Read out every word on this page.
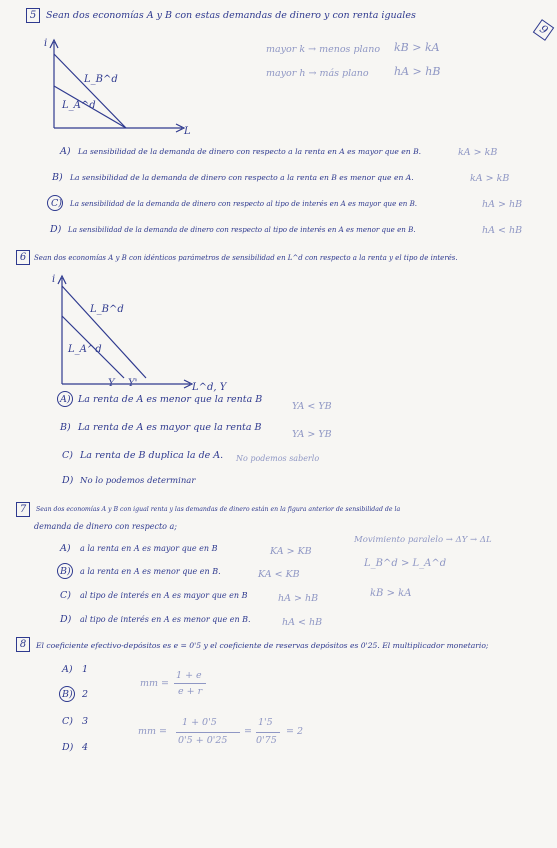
9
5	Sean dos economías A y B con estas demandas de dinero y con renta iguales
i
L
L_B^d
L_A^d
mayor k → menos plano kB > kA
mayor h → más plano hA > hB
A) La sensibilidad de la demanda de dinero con respecto a la renta en A es mayor que en B.	kA > kB
B) La sensibilidad de la demanda de dinero con respecto a la renta en B es menor que en A.	kA > kB
C) La sensibilidad de la demanda de dinero con respecto al tipo de interés en A es mayor que en B.	hA > hB
D) La sensibilidad de la demanda de dinero con respecto al tipo de interés en A es menor que en B.	hA < hB
6	Sean dos economías A y B con idénticos parámetros de sensibilidad en L^d con respecto a la renta y el tipo de interés.
i
L^d, Y
L_B^d
L_A^d
Y Y'
A) La renta de A es menor que la renta B
YA < YB
B) La renta de A es mayor que la renta B
YA > YB
C) La renta de B duplica la de A. No podemos saberlo
D) No lo podemos determinar
7	Sean dos economías A y B con igual renta y las demandas de dinero están en la figura anterior de sensibilidad de la
demanda de dinero con respecto a;
Movimiento paralelo → ΔY → ΔL
L_B^d > L_A^d
kB > kA
A) a la renta en A es mayor que en B	KA > KB
B) a la renta en A es menor que en B.	KA < KB
C) al tipo de interés en A es mayor que en B	hA > hB
D) al tipo de interés en A es menor que en B.	hA < hB
8	El coeficiente efectivo-depósitos es e = 0'5 y el coeficiente de reservas depósitos es 0'25. El multiplicador monetario;
A) 1
B) 2
C) 3
D) 4
mm =
1 + e
e + r
mm =
1 + 0'5
0'5 + 0'25
=
1'5
0'75
= 2
